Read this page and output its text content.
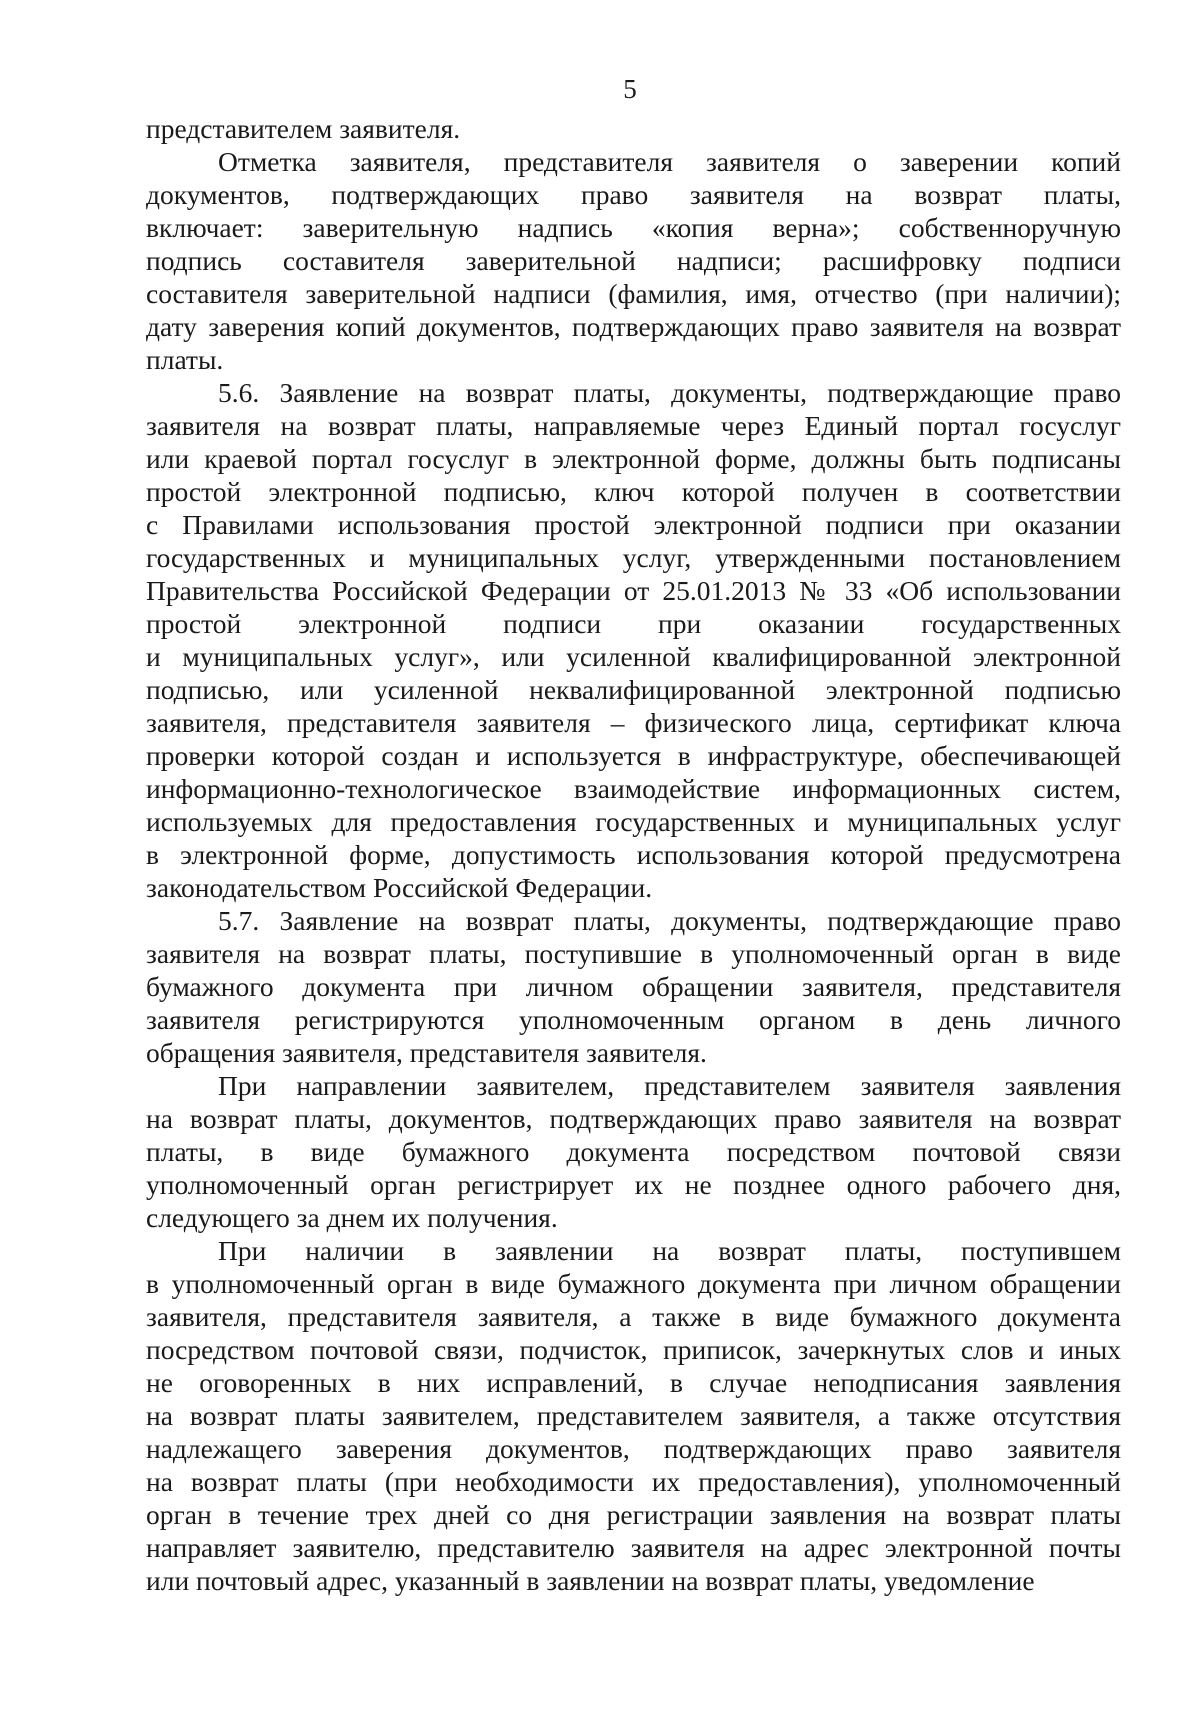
5
представителем заявителя.
Отметка заявителя, представителя заявителя о заверении копий
документов, подтверждающих право заявителя на возврат платы,
включает: заверительную надпись «копия верна»; собственноручную
подпись составителя заверительной надписи; расшифровку подписи
составителя заверительной надписи (фамилия, имя, отчество (при наличии);
дату заверения копий документов, подтверждающих право заявителя на возврат
платы.
5.6. Заявление на возврат платы, документы, подтверждающие право
заявителя на возврат платы, направляемые через Единый портал госуслуг
или краевой портал госуслуг в электронной форме, должны быть подписаны
простой электронной подписью, ключ которой получен в соответствии
с Правилами использования простой электронной подписи при оказании
государственных и муниципальных услуг, утвержденными постановлением
Правительства Российской Федерации от 25.01.2013 № 33 «Об использовании
простой электронной подписи при оказании государственных
и муниципальных услуг», или усиленной квалифицированной электронной
подписью, или усиленной неквалифицированной электронной подписью
заявителя, представителя заявителя – физического лица, сертификат ключа
проверки которой создан и используется в инфраструктуре, обеспечивающей
информационно-технологическое взаимодействие информационных систем,
используемых для предоставления государственных и муниципальных услуг
в электронной форме, допустимость использования которой предусмотрена
законодательством Российской Федерации.
5.7. Заявление на возврат платы, документы, подтверждающие право
заявителя на возврат платы, поступившие в уполномоченный орган в виде
бумажного документа при личном обращении заявителя, представителя
заявителя регистрируются уполномоченным органом в день личного
обращения заявителя, представителя заявителя.
При направлении заявителем, представителем заявителя заявления
на возврат платы, документов, подтверждающих право заявителя на возврат
платы, в виде бумажного документа посредством почтовой связи
уполномоченный орган регистрирует их не позднее одного рабочего дня,
следующего за днем их получения.
При наличии в заявлении на возврат платы, поступившем
в уполномоченный орган в виде бумажного документа при личном обращении
заявителя, представителя заявителя, а также в виде бумажного документа
посредством почтовой связи, подчисток, приписок, зачеркнутых слов и иных
не оговоренных в них исправлений, в случае неподписания заявления
на возврат платы заявителем, представителем заявителя, а также отсутствия
надлежащего заверения документов, подтверждающих право заявителя
на возврат платы (при необходимости их предоставления), уполномоченный
орган в течение трех дней со дня регистрации заявления на возврат платы
направляет заявителю, представителю заявителя на адрес электронной почты
или почтовый адрес, указанный в заявлении на возврат платы, уведомление
